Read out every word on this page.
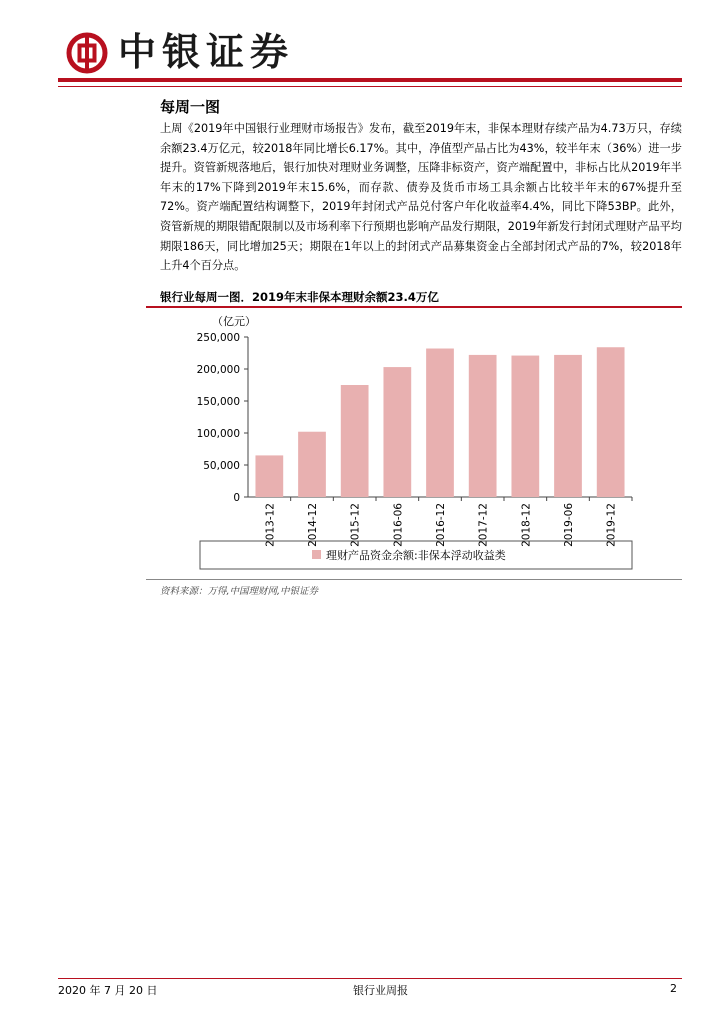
中银证券
每周一图

上周《2019年中国银行业理财市场报告》发布，截至2019年末，非保本理财存续产品为4.73万只，存续余额23.4万亿元，较2018年同比增长6.17%。其中，净值型产品占比为43%，较半年末（36%）进一步提升。资管新规落地后，银行加快对理财业务调整，压降非标资产，资产端配置中，非标占比从2019年半年末的17%下降到2019年末15.6%，而存款、债券及货币市场工具余额占比较半年末的67%提升至72%。资产端配置结构调整下，2019年封闭式产品兑付客户年化收益率4.4%，同比下降53BP。此外，资管新规的期限错配限制以及市场利率下行预期也影响产品发行期限，2019年新发行封闭式理财产品平均期限186天，同比增加25天；期限在1年以上的封闭式产品募集资金占全部封闭式产品的7%，较2018年上升4个百分点。

银行业每周一图．2019年末非保本理财余额23.4万亿
（亿元）
0
50,000
100,000
150,000
200,000
250,000
2013-12	2014-12	2015-12	2016-06	2016-12	2017-12	2018-12	2019-06	2019-12
理财产品资金余额:非保本浮动收益类
资料来源：万得,中国理财网,中银证券
2020 年 7 月 20 日	银行业周报	2
